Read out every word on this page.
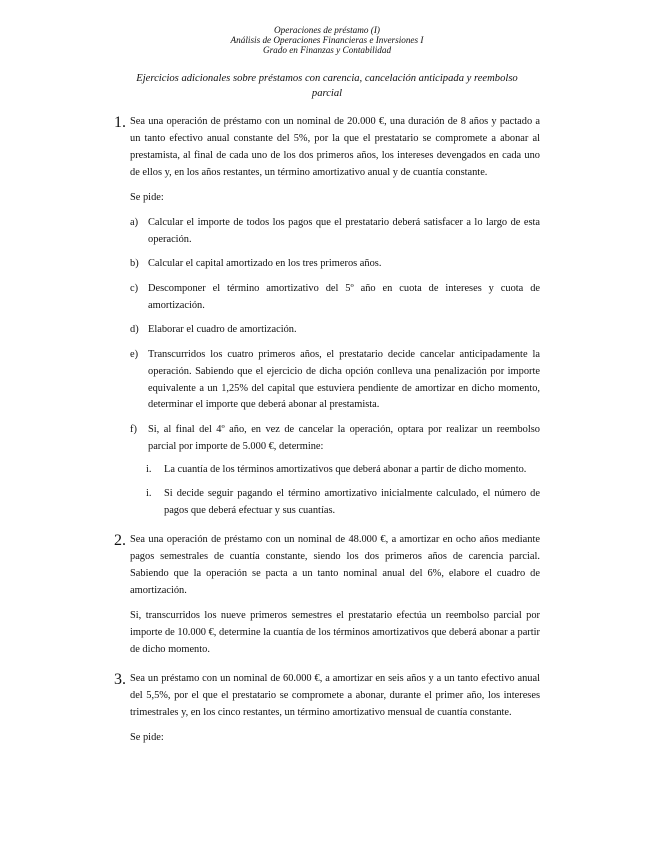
Operaciones de préstamo (I)
Análisis de Operaciones Financieras e Inversiones I
Grado en Finanzas y Contabilidad

Ejercicios adicionales sobre préstamos con carencia, cancelación anticipada y reembolso parcial

1. Sea una operación de préstamo con un nominal de 20.000 €, una duración de 8 años y pactado a un tanto efectivo anual constante del 5%, por la que el prestatario se compromete a abonar al prestamista, al final de cada uno de los dos primeros años, los intereses devengados en cada uno de ellos y, en los años restantes, un término amortizativo anual y de cuantía constante.

Se pide:

a) Calcular el importe de todos los pagos que el prestatario deberá satisfacer a lo largo de esta operación.

b) Calcular el capital amortizado en los tres primeros años.

c) Descomponer el término amortizativo del 5º año en cuota de intereses y cuota de amortización.

d) Elaborar el cuadro de amortización.

e) Transcurridos los cuatro primeros años, el prestatario decide cancelar anticipadamente la operación. Sabiendo que el ejercicio de dicha opción conlleva una penalización por importe equivalente a un 1,25% del capital que estuviera pendiente de amortizar en dicho momento, determinar el importe que deberá abonar al prestamista.

f) Si, al final del 4º año, en vez de cancelar la operación, optara por realizar un reembolso parcial por importe de 5.000 €, determine:

i. La cuantía de los términos amortizativos que deberá abonar a partir de dicho momento.

i. Si decide seguir pagando el término amortizativo inicialmente calculado, el número de pagos que deberá efectuar y sus cuantías.

2. Sea una operación de préstamo con un nominal de 48.000 €, a amortizar en ocho años mediante pagos semestrales de cuantía constante, siendo los dos primeros años de carencia parcial. Sabiendo que la operación se pacta a un tanto nominal anual del 6%, elabore el cuadro de amortización.

Si, transcurridos los nueve primeros semestres el prestatario efectúa un reembolso parcial por importe de 10.000 €, determine la cuantía de los términos amortizativos que deberá abonar a partir de dicho momento.

3. Sea un préstamo con un nominal de 60.000 €, a amortizar en seis años y a un tanto efectivo anual del 5,5%, por el que el prestatario se compromete a abonar, durante el primer año, los intereses trimestrales y, en los cinco restantes, un término amortizativo mensual de cuantía constante.

Se pide:
